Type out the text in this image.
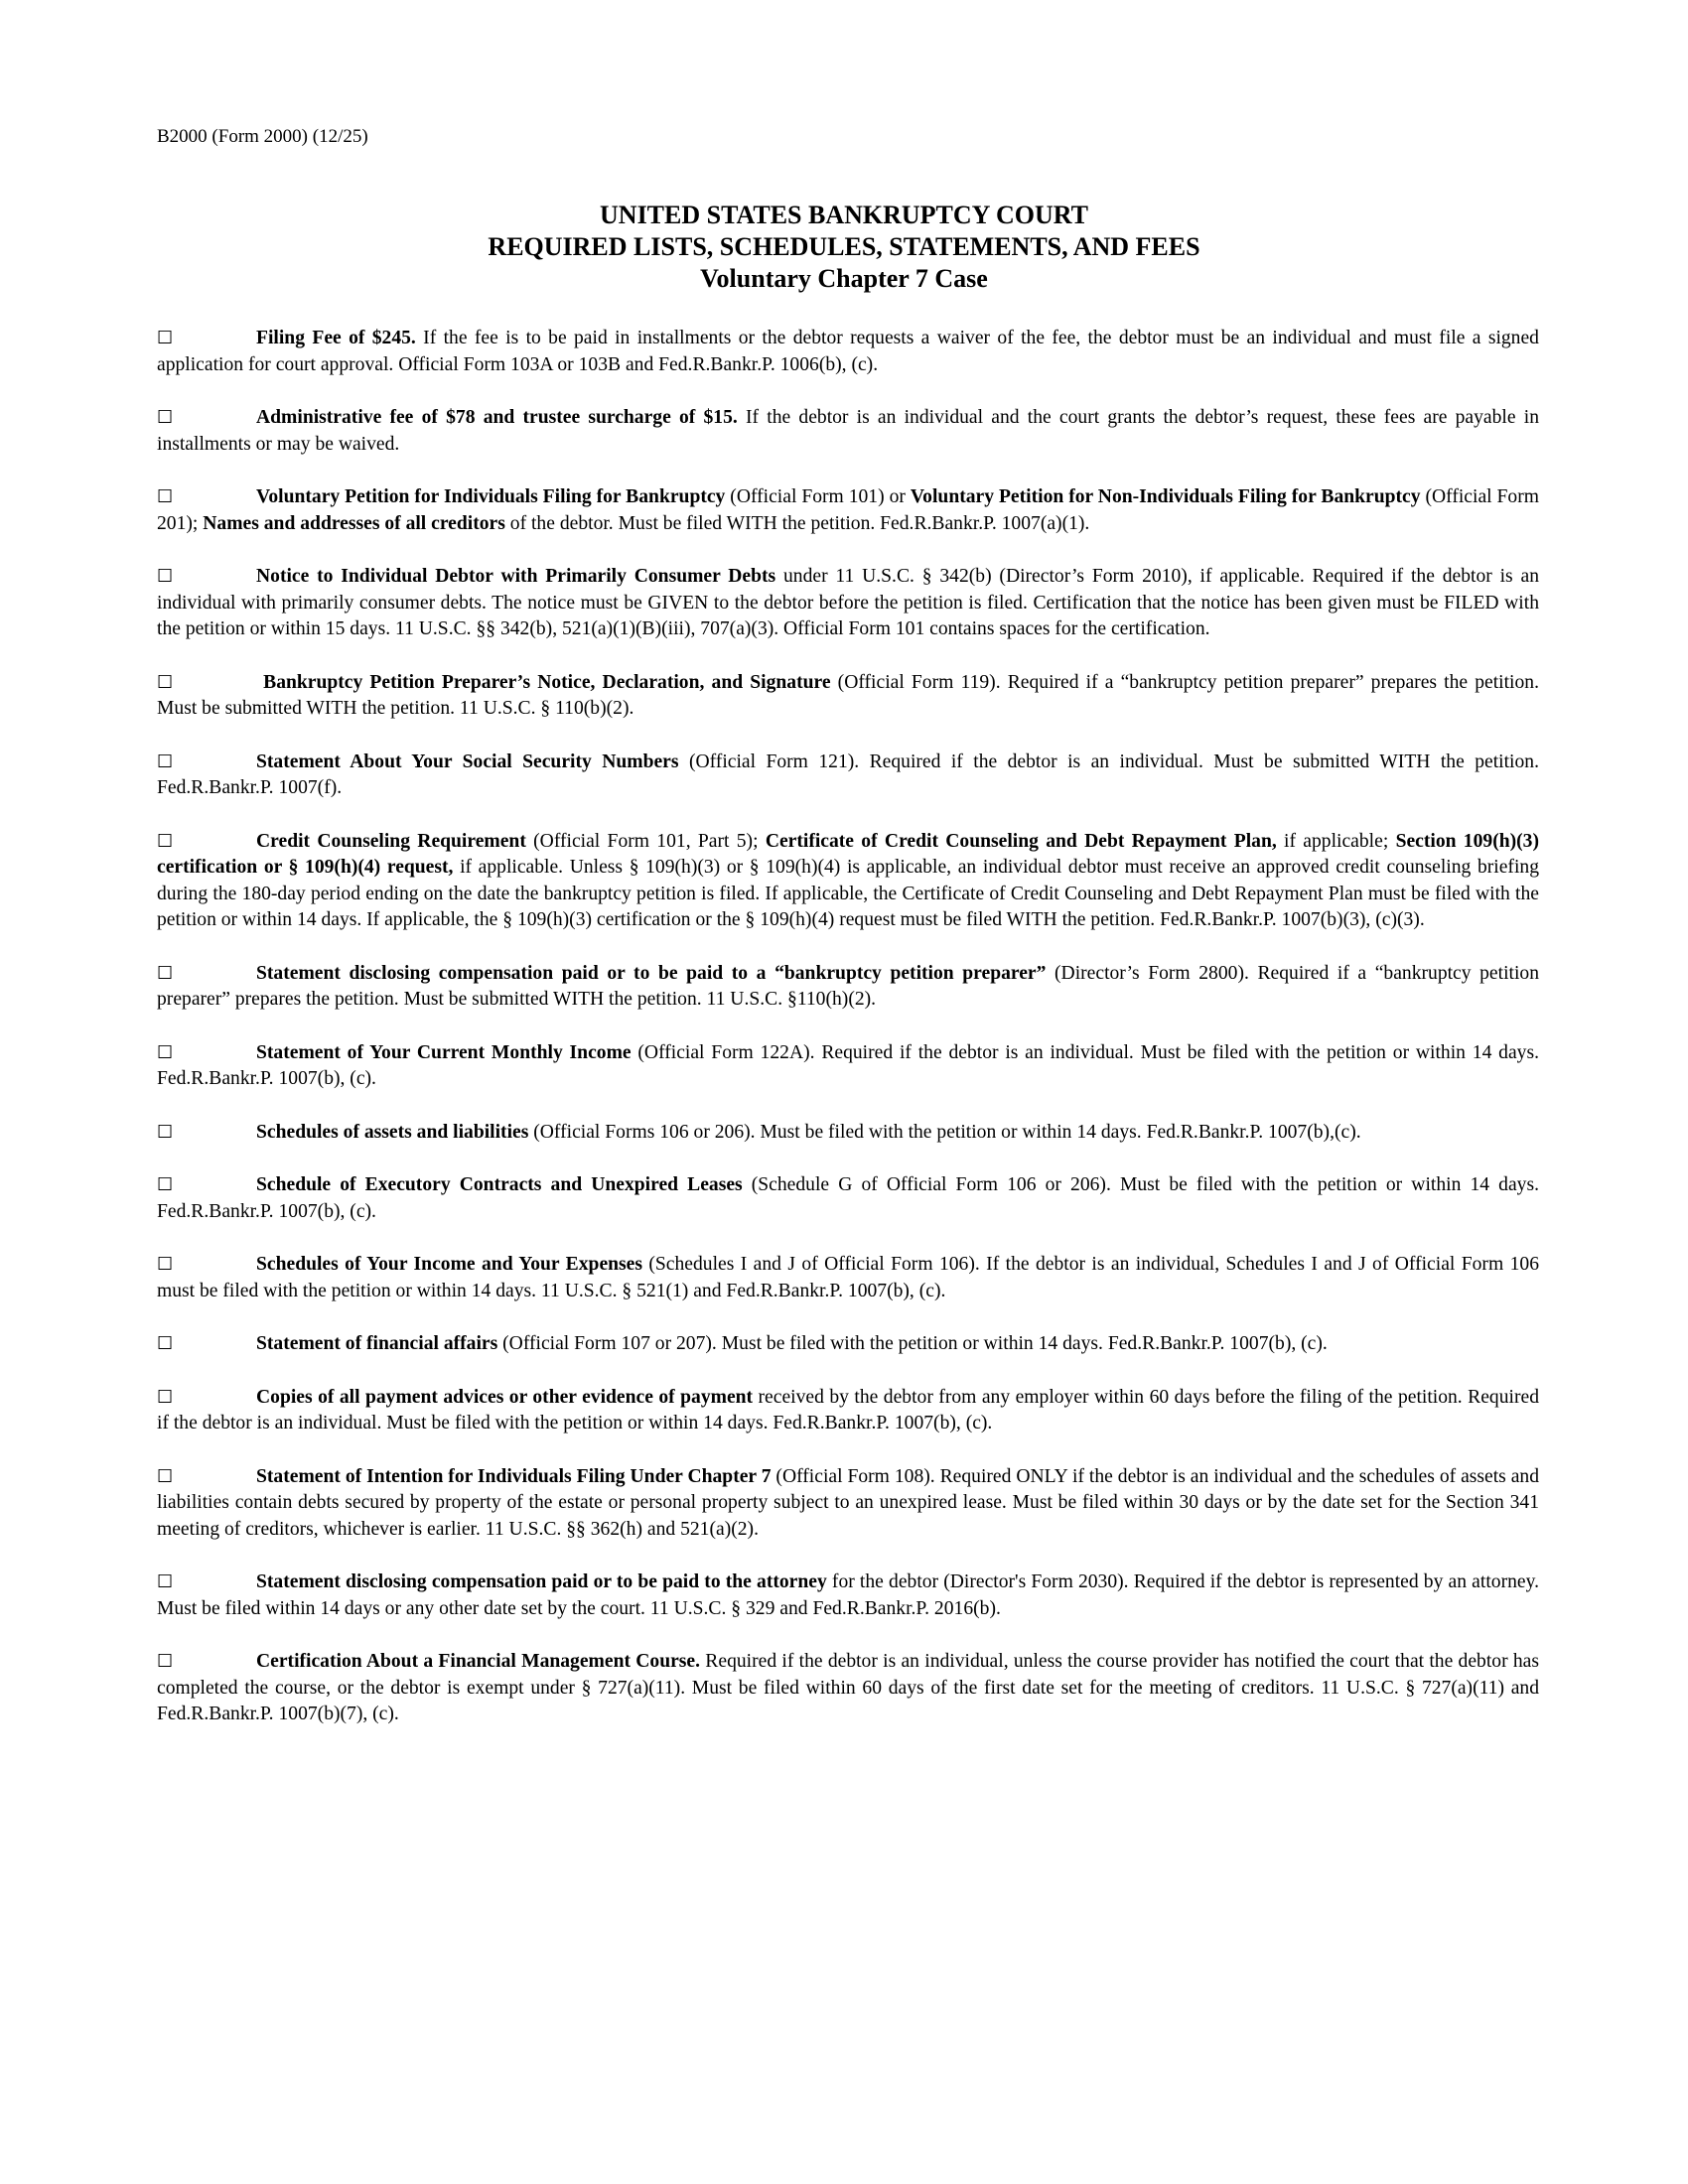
B2000 (Form 2000) (12/25)
UNITED STATES BANKRUPTCY COURT
REQUIRED LISTS, SCHEDULES, STATEMENTS, AND FEES
Voluntary Chapter 7 Case

☐	Filing Fee of $245. If the fee is to be paid in installments or the debtor requests a waiver of the fee, the debtor must be an individual and must file a signed application for court approval. Official Form 103A or 103B and Fed.R.Bankr.P. 1006(b), (c).

☐	Administrative fee of $78 and trustee surcharge of $15. If the debtor is an individual and the court grants the debtor’s request, these fees are payable in installments or may be waived.

☐	Voluntary Petition for Individuals Filing for Bankruptcy (Official Form 101) or Voluntary Petition for Non-Individuals Filing for Bankruptcy (Official Form 201); Names and addresses of all creditors of the debtor. Must be filed WITH the petition. Fed.R.Bankr.P. 1007(a)(1).

☐	Notice to Individual Debtor with Primarily Consumer Debts under 11 U.S.C. § 342(b) (Director’s Form 2010), if applicable. Required if the debtor is an individual with primarily consumer debts. The notice must be GIVEN to the debtor before the petition is filed. Certification that the notice has been given must be FILED with the petition or within 15 days. 11 U.S.C. §§ 342(b), 521(a)(1)(B)(iii), 707(a)(3). Official Form 101 contains spaces for the certification.

☐	Bankruptcy Petition Preparer’s Notice, Declaration, and Signature (Official Form 119). Required if a “bankruptcy petition preparer” prepares the petition. Must be submitted WITH the petition. 11 U.S.C. § 110(b)(2).

☐	Statement About Your Social Security Numbers (Official Form 121). Required if the debtor is an individual. Must be submitted WITH the petition. Fed.R.Bankr.P. 1007(f).

☐	Credit Counseling Requirement (Official Form 101, Part 5); Certificate of Credit Counseling and Debt Repayment Plan, if applicable; Section 109(h)(3) certification or § 109(h)(4) request, if applicable. Unless § 109(h)(3) or § 109(h)(4) is applicable, an individual debtor must receive an approved credit counseling briefing during the 180-day period ending on the date the bankruptcy petition is filed. If applicable, the Certificate of Credit Counseling and Debt Repayment Plan must be filed with the petition or within 14 days. If applicable, the § 109(h)(3) certification or the § 109(h)(4) request must be filed WITH the petition. Fed.R.Bankr.P. 1007(b)(3), (c)(3).

☐	Statement disclosing compensation paid or to be paid to a “bankruptcy petition preparer” (Director’s Form 2800). Required if a “bankruptcy petition preparer” prepares the petition. Must be submitted WITH the petition. 11 U.S.C. §110(h)(2).

☐	Statement of Your Current Monthly Income (Official Form 122A). Required if the debtor is an individual. Must be filed with the petition or within 14 days. Fed.R.Bankr.P. 1007(b), (c).

☐	Schedules of assets and liabilities (Official Forms 106 or 206). Must be filed with the petition or within 14 days. Fed.R.Bankr.P. 1007(b),(c).

☐	Schedule of Executory Contracts and Unexpired Leases (Schedule G of Official Form 106 or 206). Must be filed with the petition or within 14 days. Fed.R.Bankr.P. 1007(b), (c).

☐	Schedules of Your Income and Your Expenses (Schedules I and J of Official Form 106). If the debtor is an individual, Schedules I and J of Official Form 106 must be filed with the petition or within 14 days. 11 U.S.C. § 521(1) and Fed.R.Bankr.P. 1007(b), (c).

☐	Statement of financial affairs (Official Form 107 or 207). Must be filed with the petition or within 14 days. Fed.R.Bankr.P. 1007(b), (c).

☐	Copies of all payment advices or other evidence of payment received by the debtor from any employer within 60 days before the filing of the petition. Required if the debtor is an individual. Must be filed with the petition or within 14 days. Fed.R.Bankr.P. 1007(b), (c).

☐	Statement of Intention for Individuals Filing Under Chapter 7 (Official Form 108). Required ONLY if the debtor is an individual and the schedules of assets and liabilities contain debts secured by property of the estate or personal property subject to an unexpired lease. Must be filed within 30 days or by the date set for the Section 341 meeting of creditors, whichever is earlier. 11 U.S.C. §§ 362(h) and 521(a)(2).

☐	Statement disclosing compensation paid or to be paid to the attorney for the debtor (Director's Form 2030). Required if the debtor is represented by an attorney. Must be filed within 14 days or any other date set by the court. 11 U.S.C. § 329 and Fed.R.Bankr.P. 2016(b).

☐	Certification About a Financial Management Course. Required if the debtor is an individual, unless the course provider has notified the court that the debtor has completed the course, or the debtor is exempt under § 727(a)(11). Must be filed within 60 days of the first date set for the meeting of creditors. 11 U.S.C. § 727(a)(11) and Fed.R.Bankr.P. 1007(b)(7), (c).
